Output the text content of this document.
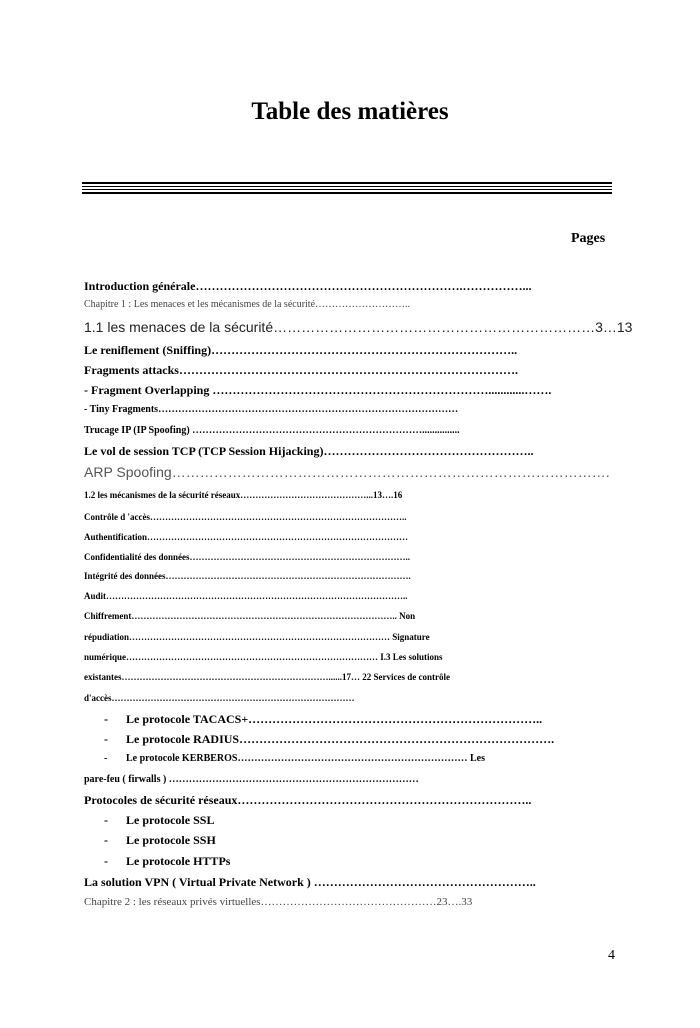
Table des matières
Pages
Introduction générale………………………………………………………….……………...
Chapitre 1 : Les menaces et les mécanismes de la sécurité………………………..
1.1 les menaces de la sécurité……………………………………………………………3…13
Le reniflement (Sniffing)…………………………………………………………………..
Fragments attacks………………………………………………………………………….
- Fragment Overlapping ……………………………………………………………............…….
- Tiny Fragments………………………………………………………………………………
Trucage IP (IP Spoofing) ……………………………………………………………...............
Le vol de session TCP (TCP Session Hijacking)……………………………………………..
ARP Spoofing………………………………………………………………………………….
1.2 les mécanismes de la sécurité réseaux……………………………………...13….16
Contrôle d 'accès…………………………………………………………………………..
Authentification……………………………………………………………………………
Confidentialité des données………………………………………………………………..
Intégrité des données……………………………………………………………………….
Audit………………………………………………………………………………………..
Chiffrement…………………………………………………………………………….. Non
répudiation…………………………………………………………………………… Signature
numérique………………………………………………………………………… I.3 Les solutions
existantes……………………………………………………………......17… 22 Services de contrôle
d'accès………………………………………………………………………
- Le protocole TACACS+………………………………………………………………..
- Le protocole RADIUS…………………………………………………………………….
- Le protocole KERBEROS…………………………………………………………… Les
pare-feu ( firwalls ) …………………………………………………………………
Protocoles de sécurité réseaux………………………………………………………………..
- Le protocole SSL
- Le protocole SSH
- Le protocole HTTPs
La solution VPN ( Virtual Private Network ) ………………………………………………..
Chapitre 2 : les réseaux privés virtuelles…………………………………………23….33
4
